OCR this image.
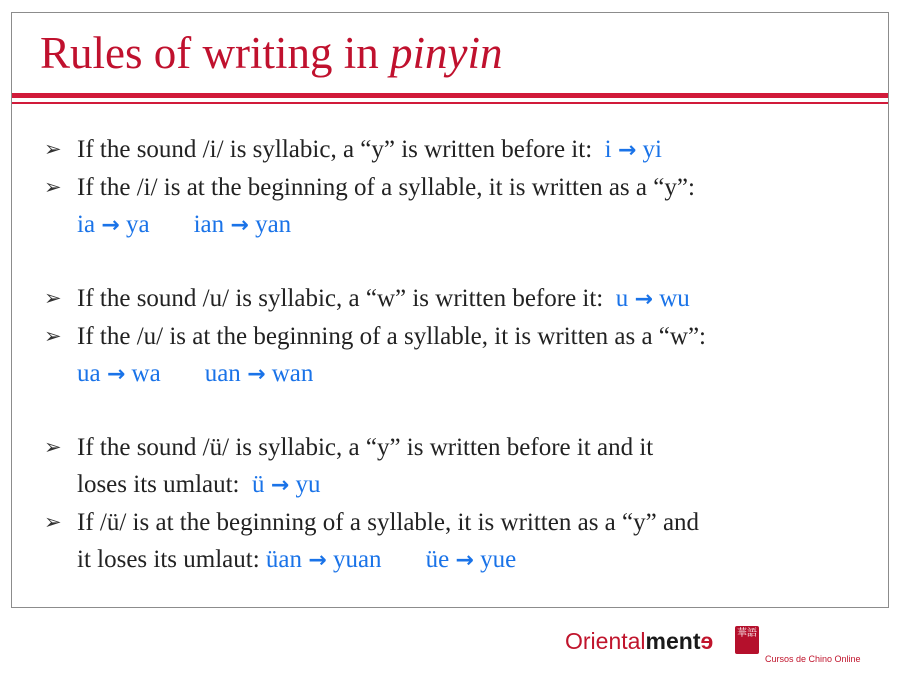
Rules of writing in pinyin
➢ If the sound /i/ is syllabic, a “y” is written before it: i → yi
➢ If the /i/ is at the beginning of a syllable, it is written as a “y”:
ia → ya ian → yan
➢ If the sound /u/ is syllabic, a “w” is written before it: u → wu
➢ If the /u/ is at the beginning of a syllable, it is written as a “w”:
ua → wa uan → wan
➢ If the sound /ü/ is syllabic, a “y” is written before it and it
loses its umlaut: ü → yu
➢ If /ü/ is at the beginning of a syllable, it is written as a “y” and
it loses its umlaut: üan → yuan üe → yue
Orientalmentɘ 華語
Cursos de Chino Online
